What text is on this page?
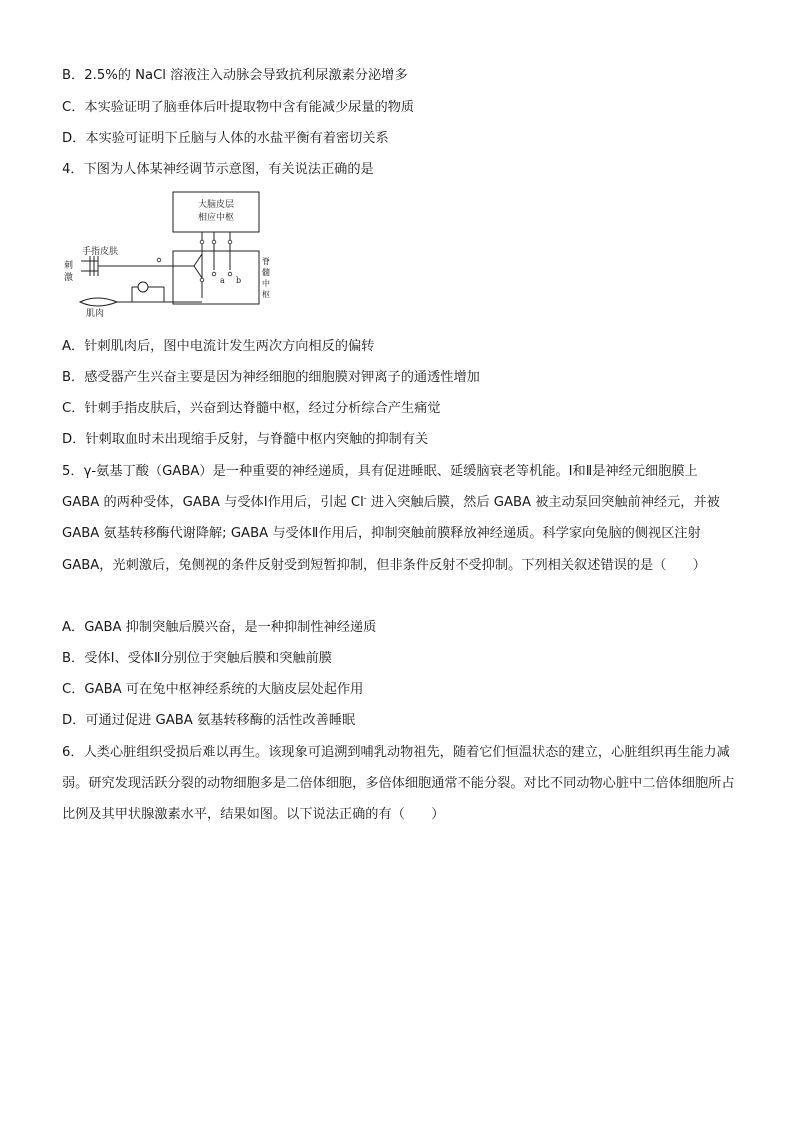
B．2.5%的 NaCl 溶液注入动脉会导致抗利尿激素分泌增多
C．本实验证明了脑垂体后叶提取物中含有能减少尿量的物质
D．本实验可证明下丘脑与人体的水盐平衡有着密切关系
4．下图为人体某神经调节示意图，有关说法正确的是
大脑皮层
相应中枢
手指皮肤
刺
激
肌肉
a b
脊
髓
中
枢
A．针刺肌肉后，图中电流计发生两次方向相反的偏转
B．感受器产生兴奋主要是因为神经细胞的细胞膜对钾离子的通透性增加
C．针刺手指皮肤后，兴奋到达脊髓中枢，经过分析综合产生痛觉
D．针刺取血时未出现缩手反射，与脊髓中枢内突触的抑制有关
5．γ-氨基丁酸（GABA）是一种重要的神经递质，具有促进睡眠、延缓脑衰老等机能。Ⅰ和Ⅱ是神经元细胞膜上 GABA 的两种受体，GABA 与受体Ⅰ作用后，引起 Cl- 进入突触后膜，然后 GABA 被主动泵回突触前神经元，并被 GABA 氨基转移酶代谢降解; GABA 与受体Ⅱ作用后，抑制突触前膜释放神经递质。科学家向兔脑的侧视区注射 GABA，光刺激后，兔侧视的条件反射受到短暂抑制，但非条件反射不受抑制。下列相关叙述错误的是（　　）
A．GABA 抑制突触后膜兴奋，是一种抑制性神经递质
B．受体Ⅰ、受体Ⅱ分别位于突触后膜和突触前膜
C．GABA 可在兔中枢神经系统的大脑皮层处起作用
D．可通过促进 GABA 氨基转移酶的活性改善睡眠
6．人类心脏组织受损后难以再生。该现象可追溯到哺乳动物祖先，随着它们恒温状态的建立，心脏组织再生能力减弱。研究发现活跃分裂的动物细胞多是二倍体细胞，多倍体细胞通常不能分裂。对比不同动物心脏中二倍体细胞所占比例及其甲状腺激素水平，结果如图。以下说法正确的有（　　）
